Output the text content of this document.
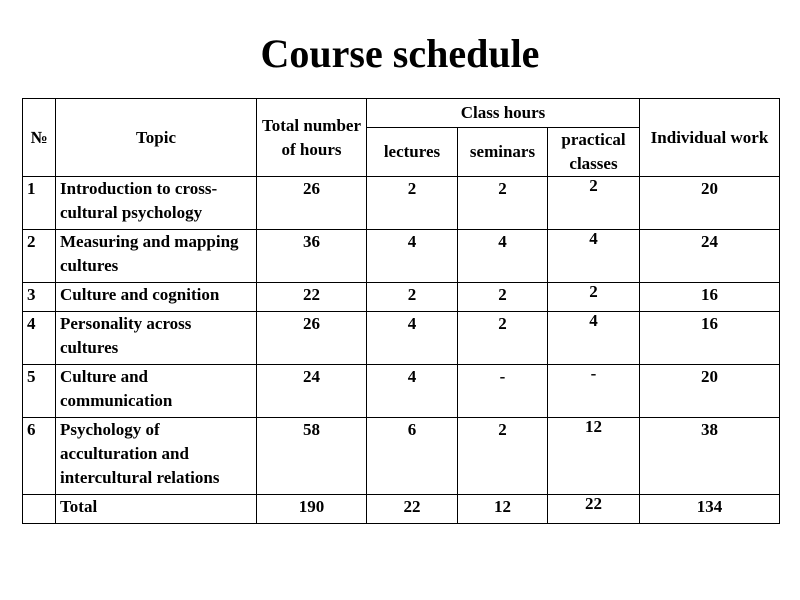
Course schedule
№	Topic	Total number of hours	Class hours			Individual work
			lectures	seminars	practical classes	
1	Introduction to cross-cultural psychology	26	2	2	2	20
2	Measuring and mapping cultures	36	4	4	4	24
3	Culture and cognition	22	2	2	2	16
4	Personality across cultures	26	4	2	4	16
5	Culture and communication	24	4	-	-	20
6	Psychology of acculturation and intercultural relations	58	6	2	12	38
	Total	190	22	12	22	134
